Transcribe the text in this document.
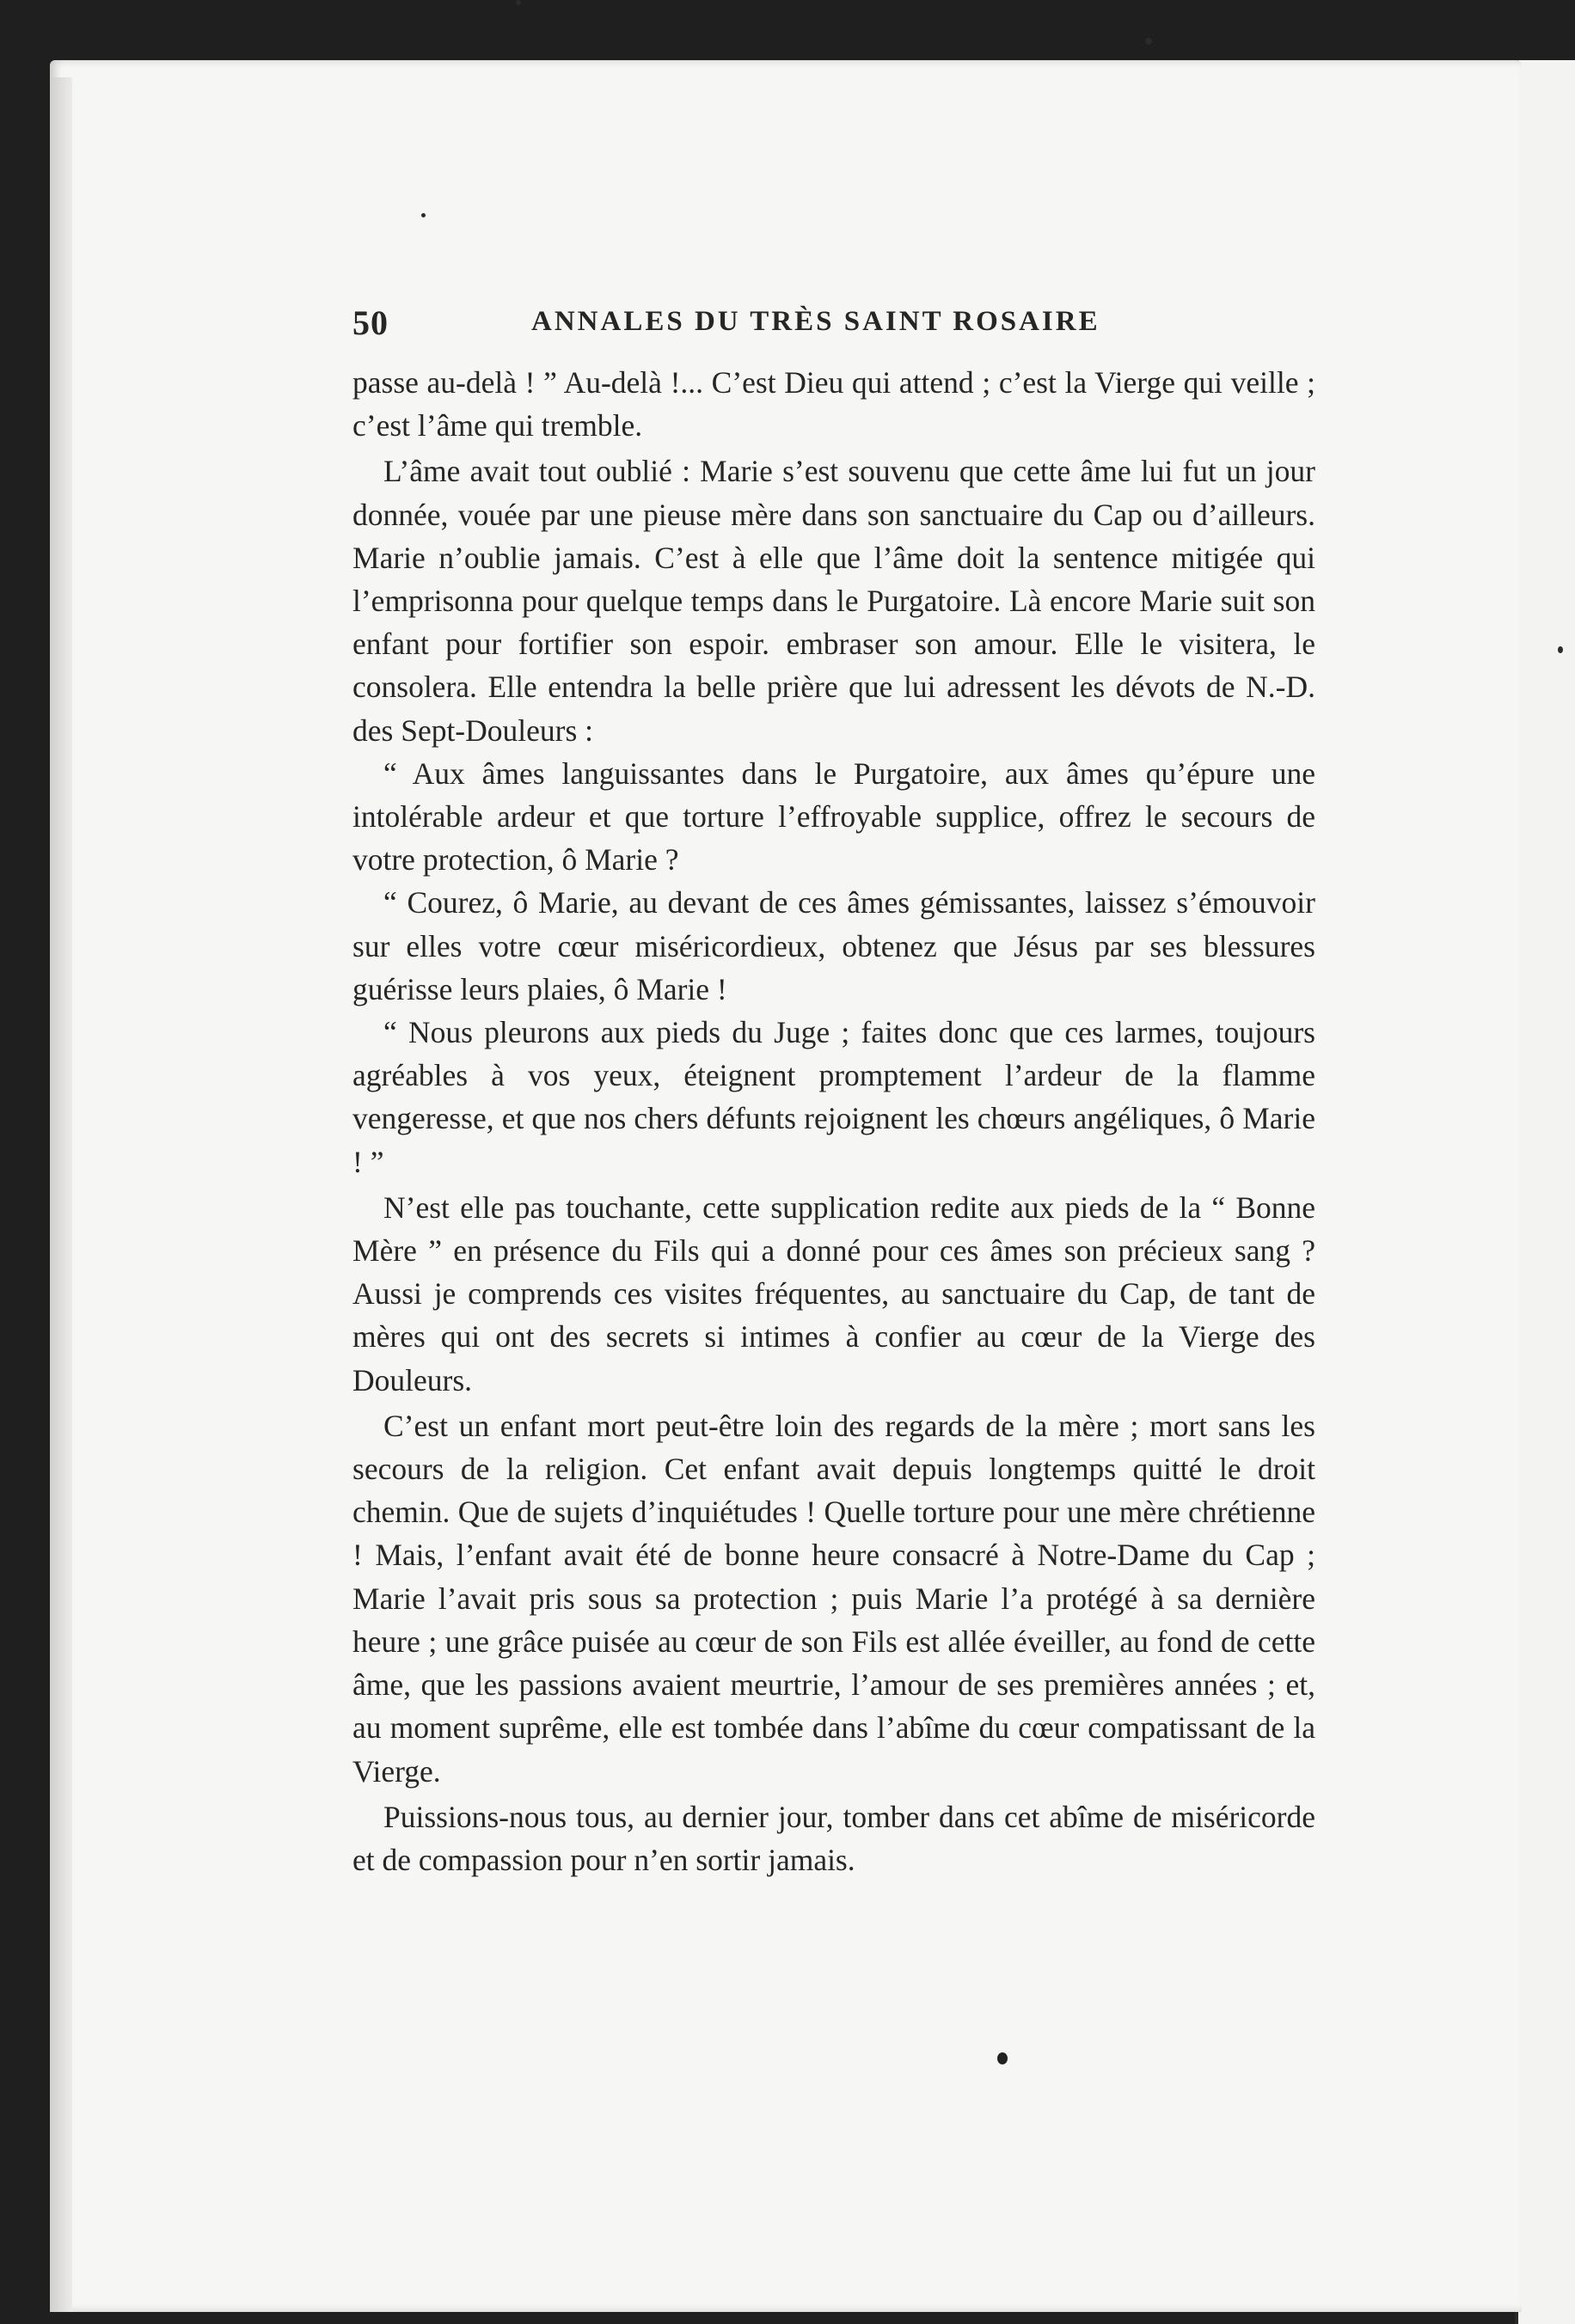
50	ANNALES DU TRÈS SAINT ROSAIRE

passe au-delà ! ” Au-delà !... C’est Dieu qui attend ; c’est la Vierge qui veille ; c’est l’âme qui tremble.

L’âme avait tout oublié : Marie s’est souvenu que cette âme lui fut un jour donnée, vouée par une pieuse mère dans son sanctuaire du Cap ou d’ailleurs. Marie n’oublie jamais. C’est à elle que l’âme doit la sentence mitigée qui l’emprisonna pour quelque temps dans le Purgatoire. Là encore Marie suit son enfant pour fortifier son espoir. embraser son amour. Elle le visitera, le consolera. Elle entendra la belle prière que lui adressent les dévots de N.-D. des Sept-Douleurs :

“ Aux âmes languissantes dans le Purgatoire, aux âmes qu’épure une intolérable ardeur et que torture l’effroyable supplice, offrez le secours de votre protection, ô Marie ?

“ Courez, ô Marie, au devant de ces âmes gémissantes, laissez s’émouvoir sur elles votre cœur miséricordieux, obtenez que Jésus par ses blessures guérisse leurs plaies, ô Marie !

“ Nous pleurons aux pieds du Juge ; faites donc que ces larmes, toujours agréables à vos yeux, éteignent promptement l’ardeur de la flamme vengeresse, et que nos chers défunts rejoignent les chœurs angéliques, ô Marie ! ”

N’est elle pas touchante, cette supplication redite aux pieds de la “ Bonne Mère ” en présence du Fils qui a donné pour ces âmes son précieux sang ? Aussi je comprends ces visites fréquentes, au sanctuaire du Cap, de tant de mères qui ont des secrets si intimes à confier au cœur de la Vierge des Douleurs.

C’est un enfant mort peut-être loin des regards de la mère ; mort sans les secours de la religion. Cet enfant avait depuis longtemps quitté le droit chemin. Que de sujets d’inquiétudes ! Quelle torture pour une mère chrétienne ! Mais, l’enfant avait été de bonne heure consacré à Notre-Dame du Cap ; Marie l’avait pris sous sa protection ; puis Marie l’a protégé à sa dernière heure ; une grâce puisée au cœur de son Fils est allée éveiller, au fond de cette âme, que les passions avaient meurtrie, l’amour de ses premières années ; et, au moment suprême, elle est tombée dans l’abîme du cœur compatissant de la Vierge.

Puissions-nous tous, au dernier jour, tomber dans cet abîme de miséricorde et de compassion pour n’en sortir jamais.
